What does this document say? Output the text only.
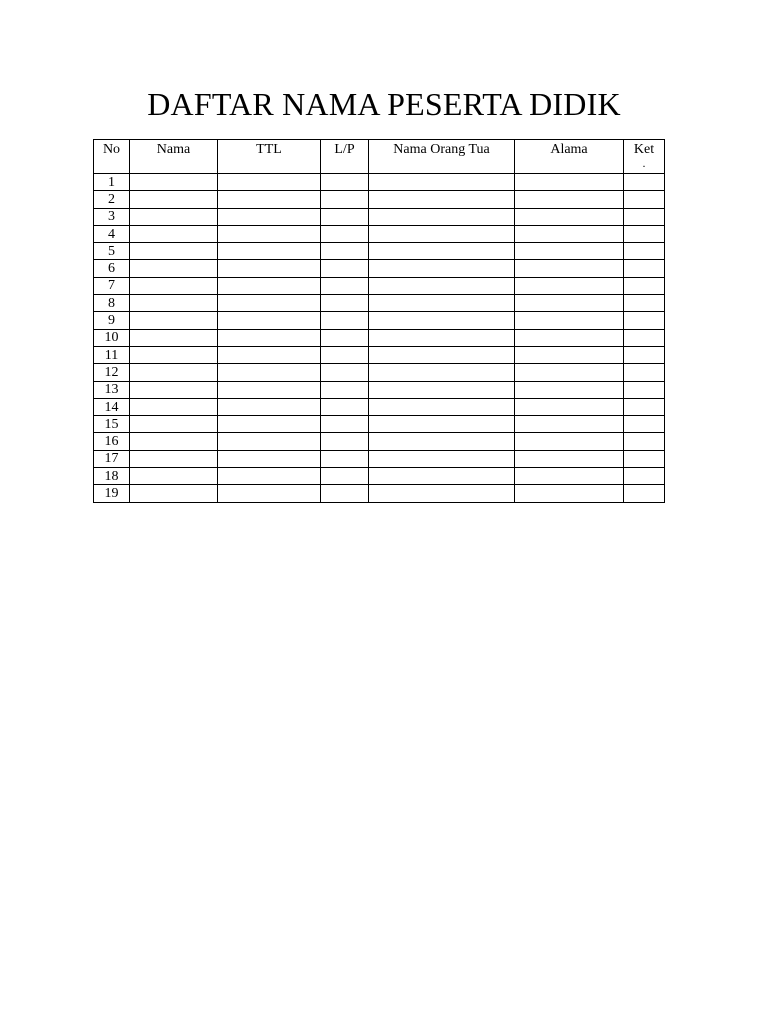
DAFTAR NAMA PESERTA DIDIK
No	Nama	TTL	L/P	Nama Orang Tua	Alama	Ket
.

1						
2						
3						
4						
5						
6						
7						
8						
9						
10						
11						
12						
13						
14						
15						
16						
17						
18						
19						
